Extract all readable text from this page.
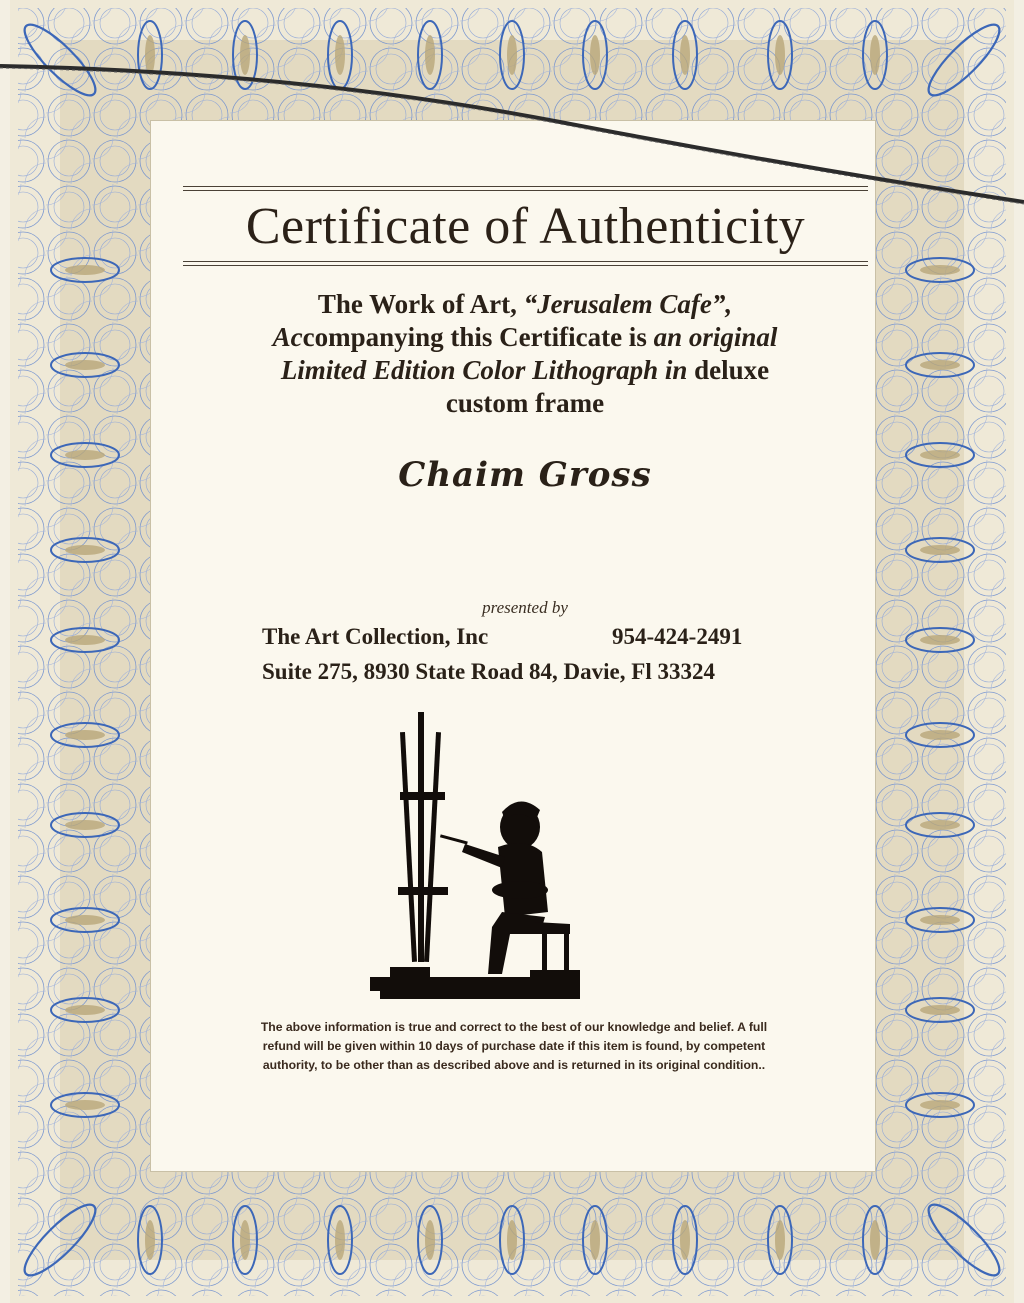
Certificate of Authenticity
The Work of Art, “Jerusalem Cafe”,
Accompanying this Certificate is an original
Limited Edition Color Lithograph in deluxe
custom frame
Chaim Gross
presented by
The Art Collection, Inc	954-424-2491
Suite 275, 8930 State Road 84, Davie, Fl 33324
The above information is true and correct to the best of our knowledge and belief. A full
refund will be given within 10 days of purchase date if this item is found, by competent
authority, to be other than as described above and is returned in its original condition..
